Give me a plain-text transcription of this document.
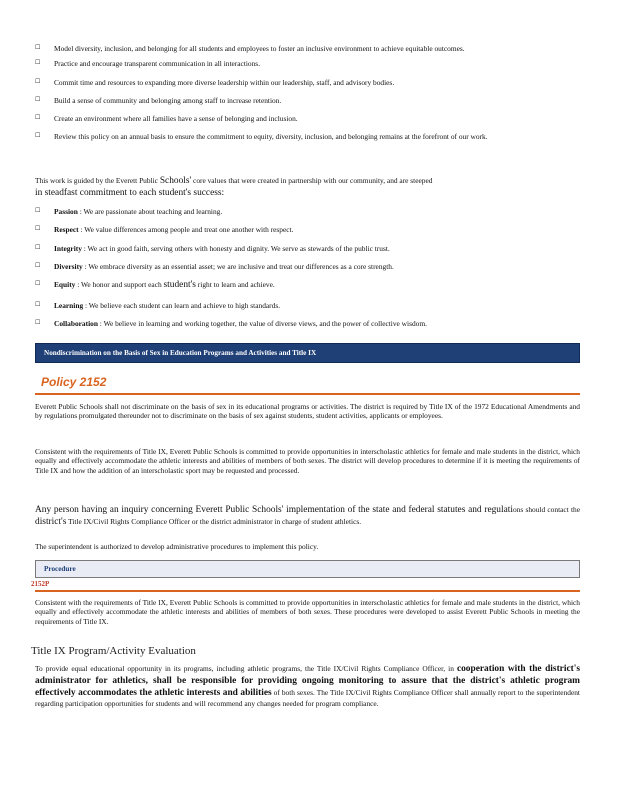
☐ Model diversity, inclusion, and belonging for all students and employees to foster an inclusive environment to achieve equitable outcomes.
☐ Practice and encourage transparent communication in all interactions.
☐ Commit time and resources to expanding more diverse leadership within our leadership, staff, and advisory bodies.
☐ Build a sense of community and belonging among staff to increase retention.
☐ Create an environment where all families have a sense of belonging and inclusion.
☐ Review this policy on an annual basis to ensure the commitment to equity, diversity, inclusion, and belonging remains at the forefront of our work.
This work is guided by the Everett Public Schools' core values that were created in partnership with our community, and are steeped
in steadfast commitment to each student's success:
☐ Passion : We are passionate about teaching and learning.
☐ Respect : We value differences among people and treat one another with respect.
☐ Integrity : We act in good faith, serving others with honesty and dignity. We serve as stewards of the public trust.
☐ Diversity : We embrace diversity as an essential asset; we are inclusive and treat our differences as a core strength.
☐ Equity : We honor and support each student's right to learn and achieve.
☐ Learning : We believe each student can learn and achieve to high standards.
☐ Collaboration : We believe in learning and working together, the value of diverse views, and the power of collective wisdom.
Nondiscrimination on the Basis of Sex in Education Programs and Activities and Title IX
Policy 2152
Everett Public Schools shall not discriminate on the basis of sex in its educational programs or activities. The district is required by Title IX of the 1972 Educational Amendments and by regulations promulgated thereunder not to discriminate on the basis of sex against students, student activities, applicants or employees.
Consistent with the requirements of Title IX, Everett Public Schools is committed to provide opportunities in interscholastic athletics for female and male students in the district, which equally and effectively accommodate the athletic interests and abilities of members of both sexes. The district will develop procedures to determine if it is meeting the requirements of Title IX and how the addition of an interscholastic sport may be requested and processed.
Any person having an inquiry concerning Everett Public Schools' implementation of the state and federal statutes and regulations should contact the district's Title IX/Civil Rights Compliance Officer or the district administrator in charge of student athletics.
The superintendent is authorized to develop administrative procedures to implement this policy.
Procedure
2152P
Consistent with the requirements of Title IX, Everett Public Schools is committed to provide opportunities in interscholastic athletics for female and male students in the district, which equally and effectively accommodate the athletic interests and abilities of members of both sexes. These procedures were developed to assist Everett Public Schools in meeting the requirements of Title IX.
Title IX Program/Activity Evaluation
To provide equal educational opportunity in its programs, including athletic programs, the Title IX/Civil Rights Compliance Officer, in cooperation with the district's administrator for athletics, shall be responsible for providing ongoing monitoring to assure that the district's athletic program effectively accommodates the athletic interests and abilities of both sexes. The Title IX/Civil Rights Compliance Officer shall annually report to the superintendent regarding participation opportunities for students and will recommend any changes needed for program compliance.
